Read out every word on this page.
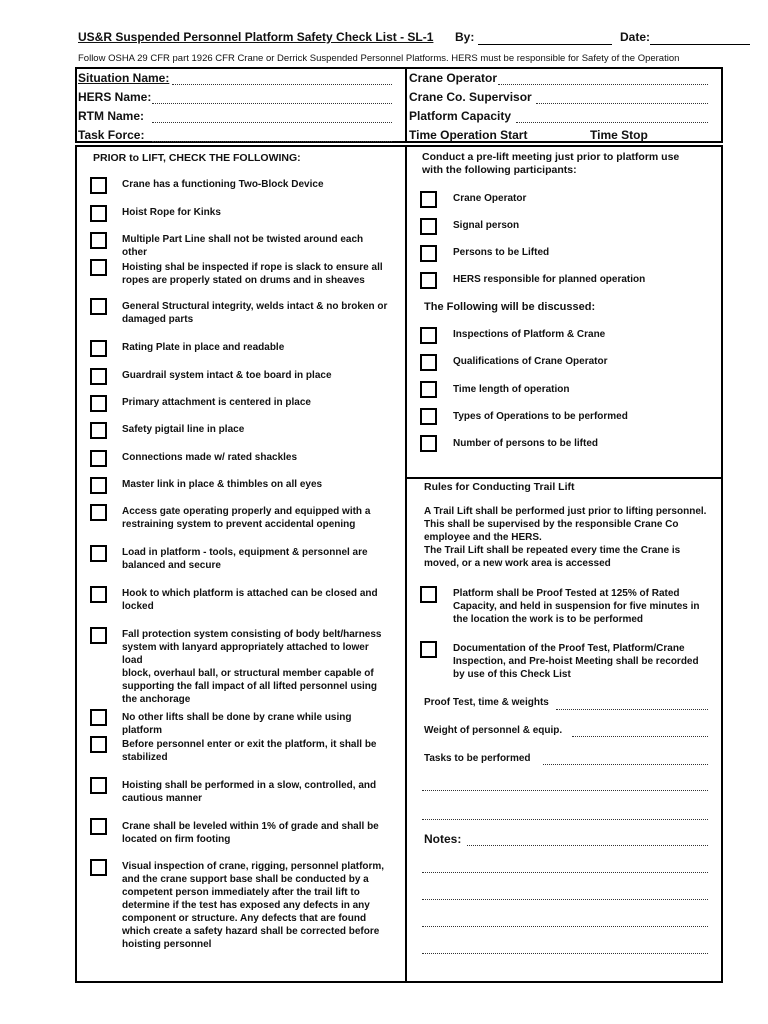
US&R Suspended Personnel Platform Safety Check List - SL-1 By:	Date:
Follow OSHA 29 CFR part 1926 CFR Crane or Derrick Suspended Personnel Platforms. HERS must be responsible for Safety of the Operation
Situation Name:
HERS Name:
RTM Name:
Task Force:
Crane Operator
Crane Co. Supervisor
Platform Capacity
Time Operation Start	Time Stop
PRIOR to LIFT, CHECK THE FOLLOWING:
Crane has a functioning Two-Block Device
Hoist Rope for Kinks
Multiple Part Line shall not be twisted around each other
Hoisting shal be inspected if rope is slack to ensure all
ropes are properly stated on drums and in sheaves
General Structural integrity, welds intact & no broken or
damaged parts
Rating Plate in place and readable
Guardrail system intact & toe board in place
Primary attachment is centered in place
Safety pigtail line in place
Connections made w/ rated shackles
Master link in place & thimbles on all eyes
Access gate operating properly and equipped with a
restraining system to prevent accidental opening
Load in platform - tools, equipment & personnel are
balanced and secure
Hook to which platform is attached can be closed and
locked
Fall protection system consisting of body belt/harness
system with lanyard appropriately attached to lower load
block, overhaul ball, or structural member capable of
supporting the fall impact of all lifted personnel using
the anchorage
No other lifts shall be done by crane while using platform
Before personnel enter or exit the platform, it shall be
stabilized
Hoisting shall be performed in a slow, controlled, and
cautious manner
Crane shall be leveled within 1% of grade and shall be
located on firm footing
Visual inspection of crane, rigging, personnel platform,
and the crane support base shall be conducted by a
competent person immediately after the trail lift to
determine if the test has exposed any defects in any
component or structure. Any defects that are found
which create a safety hazard shall be corrected before
hoisting personnel
Conduct a pre-lift meeting just prior to platform use
with the following participants:
Crane Operator
Signal person
Persons to be Lifted
HERS responsible for planned operation
The Following will be discussed:
Inspections of Platform & Crane
Qualifications of Crane Operator
Time length of operation
Types of Operations to be performed
Number of persons to be lifted
Rules for Conducting Trail Lift
A Trail Lift shall be performed just prior to lifting personnel.
This shall be supervised by the responsible Crane Co
employee and the HERS.
The Trail Lift shall be repeated every time the Crane is
moved, or a new work area is accessed
Platform shall be Proof Tested at 125% of Rated
Capacity, and held in suspension for five minutes in
the location the work is to be performed
Documentation of the Proof Test, Platform/Crane
Inspection, and Pre-hoist Meeting shall be recorded
by use of this Check List
Proof Test, time & weights
Weight of personnel & equip.
Tasks to be performed
Notes:
